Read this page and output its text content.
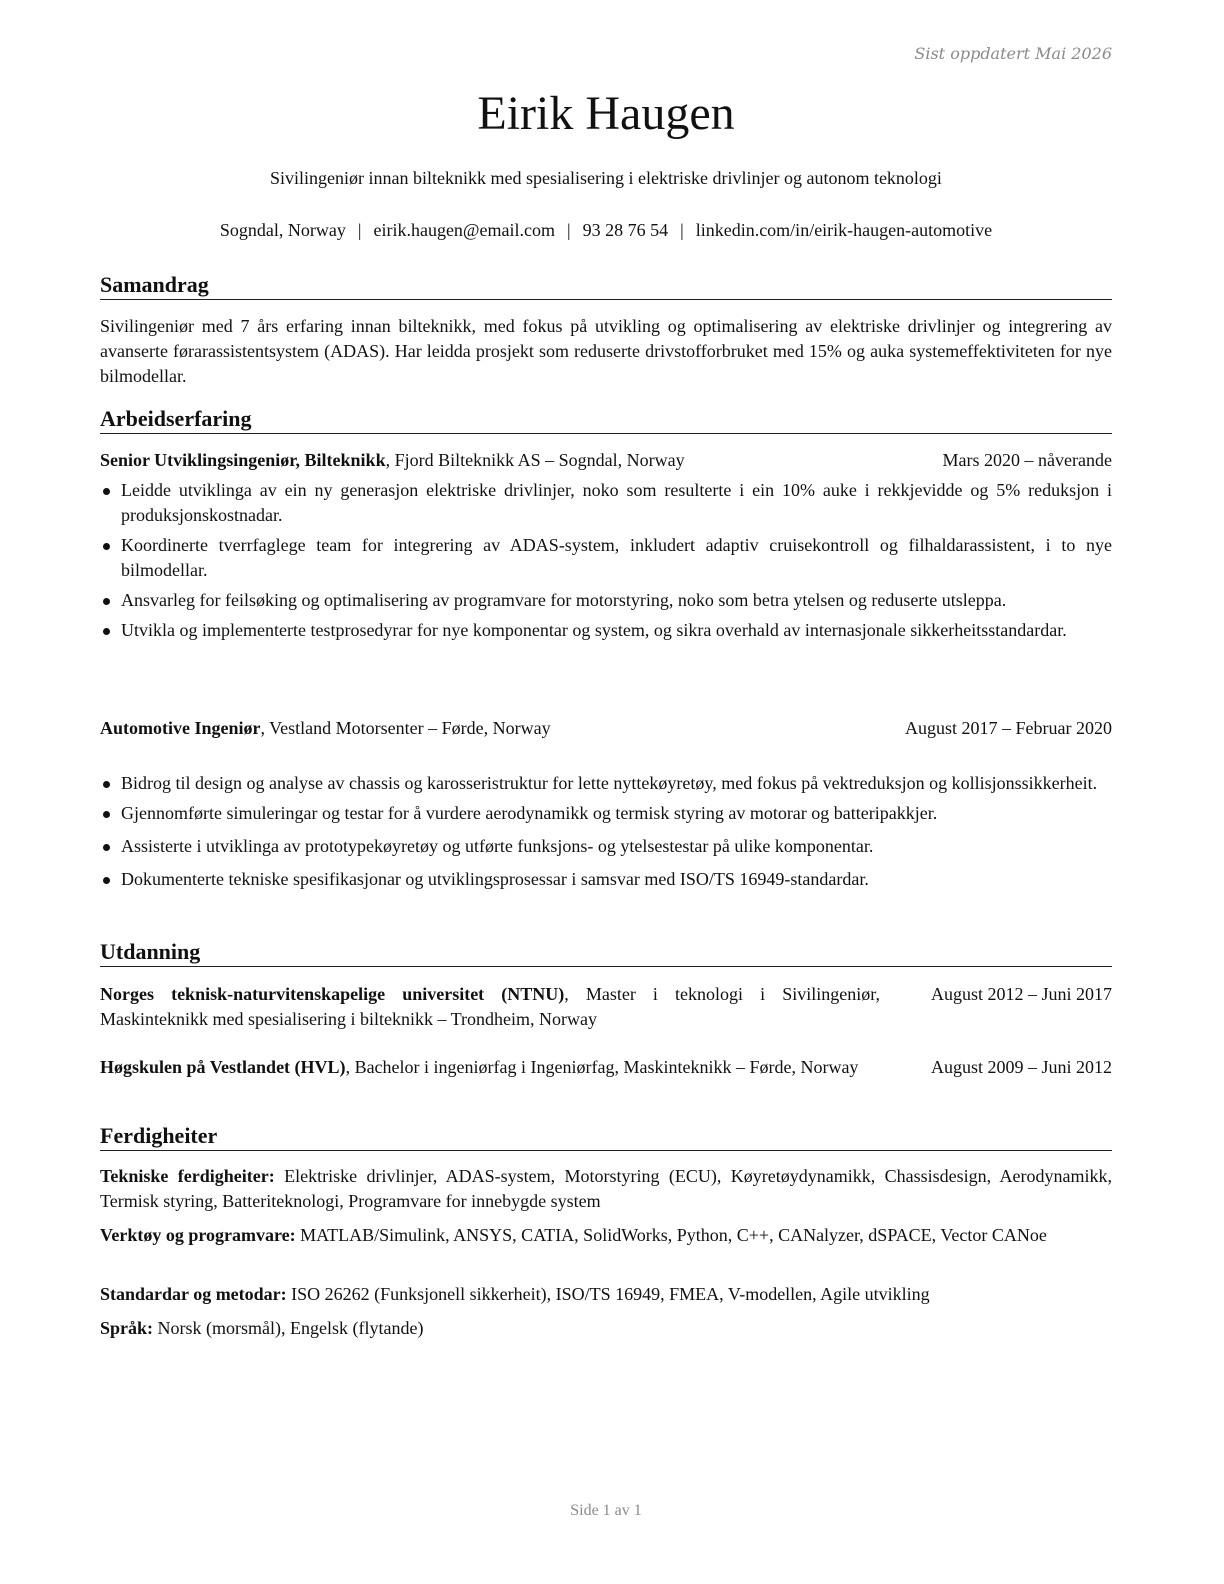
Sist oppdatert Mai 2026
Eirik Haugen
Sivilingeniør innan bilteknikk med spesialisering i elektriske drivlinjer og autonom teknologi
Sogndal, Norway | eirik.haugen@email.com | 93 28 76 54 | linkedin.com/in/eirik-haugen-automotive
Samandrag
Sivilingeniør med 7 års erfaring innan bilteknikk, med fokus på utvikling og optimalisering av elektriske drivlinjer og integrering av avanserte førarassistentsystem (ADAS). Har leidda prosjekt som reduserte drivstofforbruket med 15% og auka systemeffektiviteten for nye bilmodellar.
Arbeidserfaring
Senior Utviklingsingeniør, Bilteknikk, Fjord Bilteknikk AS – Sogndal, Norway	Mars 2020 – nåverande
Leidde utviklinga av ein ny generasjon elektriske drivlinjer, noko som resulterte i ein 10% auke i rekkjevidde og 5% reduksjon i produksjonskostnadar.
Koordinerte tverrfaglege team for integrering av ADAS-system, inkludert adaptiv cruisekontroll og filhaldarassistent, i to nye bilmodellar.
Ansvarleg for feilsøking og optimalisering av programvare for motorstyring, noko som betra ytelsen og reduserte utsleppa.
Utvikla og implementerte testprosedyrar for nye komponentar og system, og sikra overhald av internasjonale sikkerheitsstandardar.
Automotive Ingeniør, Vestland Motorsenter – Førde, Norway	August 2017 – Februar 2020
Bidrog til design og analyse av chassis og karosseristruktur for lette nyttekøyretøy, med fokus på vektreduksjon og kollisjonssikkerheit.
Gjennomførte simuleringar og testar for å vurdere aerodynamikk og termisk styring av motorar og batteripakkjer.
Assisterte i utviklinga av prototypekøyretøy og utførte funksjons- og ytelsestestar på ulike komponentar.
Dokumenterte tekniske spesifikasjonar og utviklingsprosessar i samsvar med ISO/TS 16949-standardar.
Utdanning
Norges teknisk-naturvitenskapelige universitet (NTNU), Master i teknologi i Sivilingeniør, Maskinteknikk med spesialisering i bilteknikk – Trondheim, Norway
August 2012 – Juni 2017
Høgskulen på Vestlandet (HVL), Bachelor i ingeniørfag i Ingeniørfag, Maskinteknikk – Førde, Norway	August 2009 – Juni 2012
Ferdigheiter
Tekniske ferdigheiter: Elektriske drivlinjer, ADAS-system, Motorstyring (ECU), Køyretøydynamikk, Chassisdesign, Aerodynamikk, Termisk styring, Batteriteknologi, Programvare for innebygde system
Verktøy og programvare: MATLAB/Simulink, ANSYS, CATIA, SolidWorks, Python, C++, CANalyzer, dSPACE, Vector CANoe
Standardar og metodar: ISO 26262 (Funksjonell sikkerheit), ISO/TS 16949, FMEA, V-modellen, Agile utvikling
Språk: Norsk (morsmål), Engelsk (flytande)
Side 1 av 1
